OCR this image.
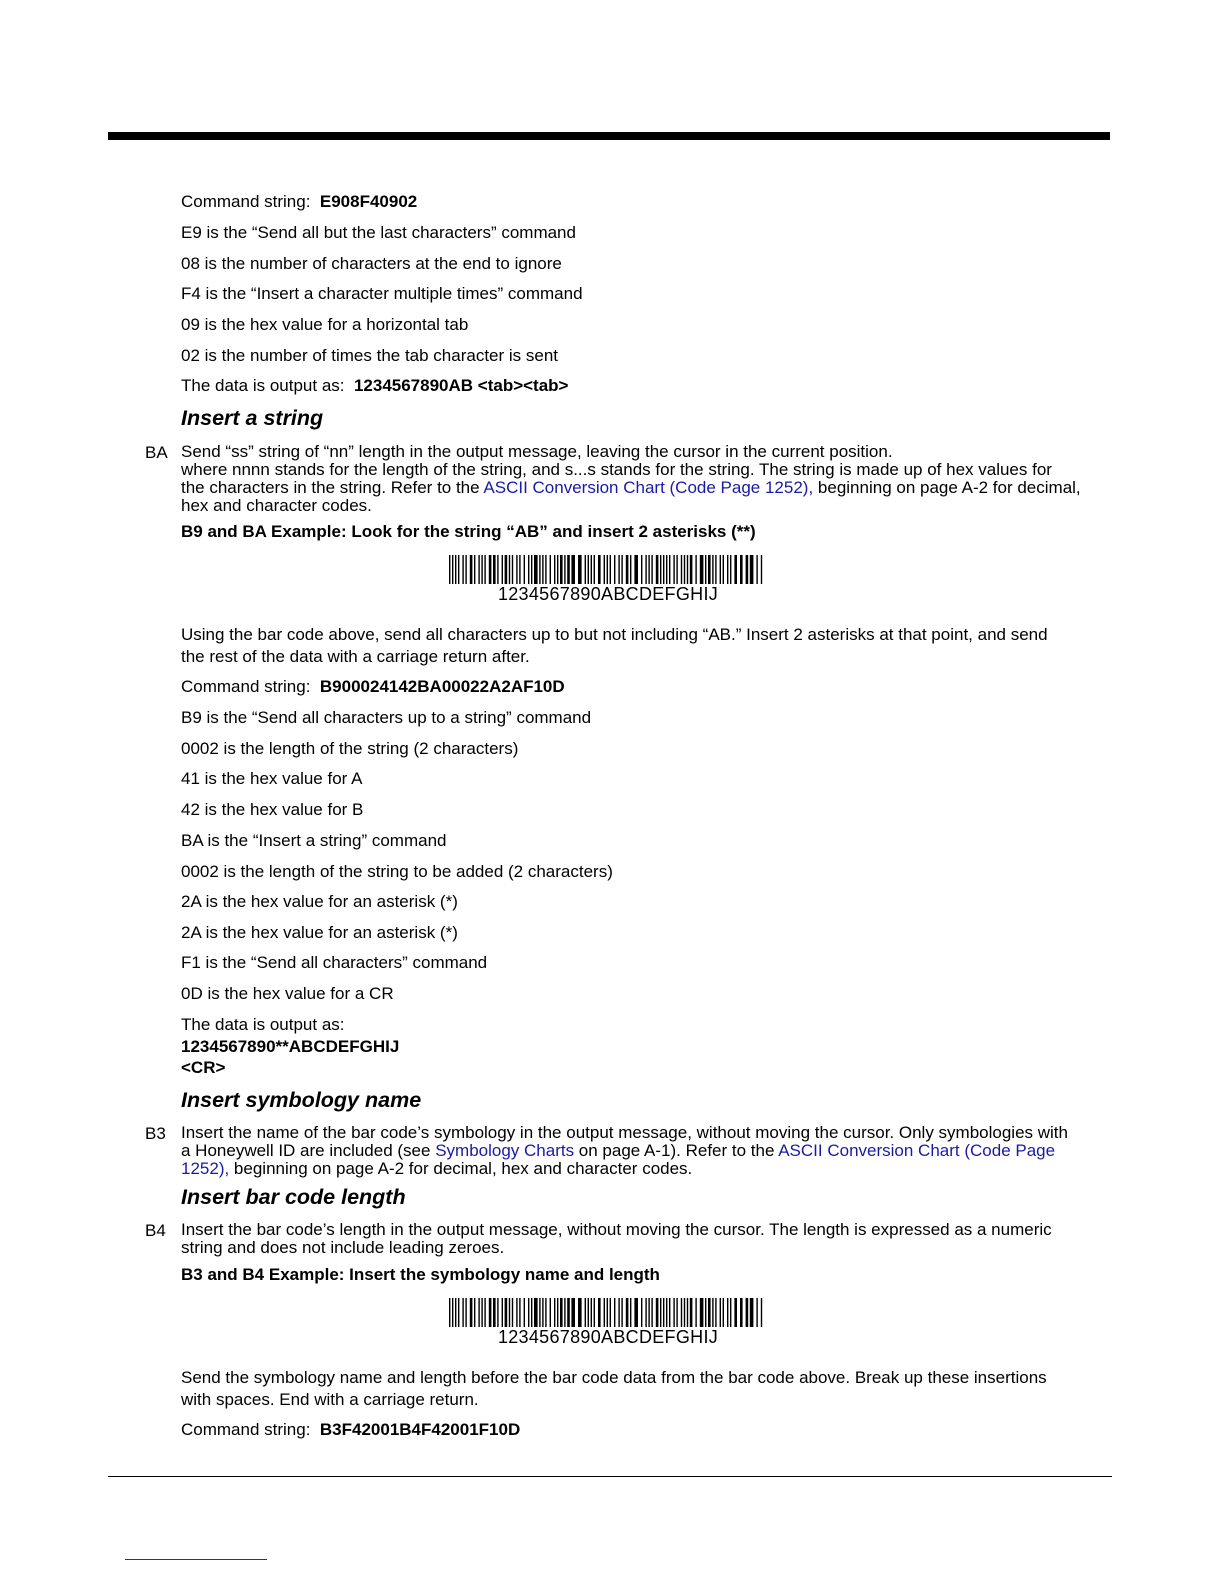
Command string: E908F40902
E9 is the “Send all but the last characters” command
08 is the number of characters at the end to ignore
F4 is the “Insert a character multiple times” command
09 is the hex value for a horizontal tab
02 is the number of times the tab character is sent
The data is output as: 1234567890AB <tab><tab>
Insert a string
BA Send “ss” string of “nn” length in the output message, leaving the cursor in the current position.
where nnnn stands for the length of the string, and s...s stands for the string. The string is made up of hex values for
the characters in the string. Refer to the ASCII Conversion Chart (Code Page 1252), beginning on page A-2 for decimal,
hex and character codes.
B9 and BA Example: Look for the string “AB” and insert 2 asterisks (**)
1234567890ABCDEFGHIJ
Using the bar code above, send all characters up to but not including “AB.” Insert 2 asterisks at that point, and send
the rest of the data with a carriage return after.
Command string: B900024142BA00022A2AF10D
B9 is the “Send all characters up to a string” command
0002 is the length of the string (2 characters)
41 is the hex value for A
42 is the hex value for B
BA is the “Insert a string” command
0002 is the length of the string to be added (2 characters)
2A is the hex value for an asterisk (*)
2A is the hex value for an asterisk (*)
F1 is the “Send all characters” command
0D is the hex value for a CR
The data is output as:
1234567890**ABCDEFGHIJ
<CR>
Insert symbology name
B3 Insert the name of the bar code’s symbology in the output message, without moving the cursor. Only symbologies with
a Honeywell ID are included (see Symbology Charts on page A-1). Refer to the ASCII Conversion Chart (Code Page
1252), beginning on page A-2 for decimal, hex and character codes.
Insert bar code length
B4 Insert the bar code’s length in the output message, without moving the cursor. The length is expressed as a numeric
string and does not include leading zeroes.
B3 and B4 Example: Insert the symbology name and length
1234567890ABCDEFGHIJ
Send the symbology name and length before the bar code data from the bar code above. Break up these insertions
with spaces. End with a carriage return.
Command string: B3F42001B4F42001F10D
